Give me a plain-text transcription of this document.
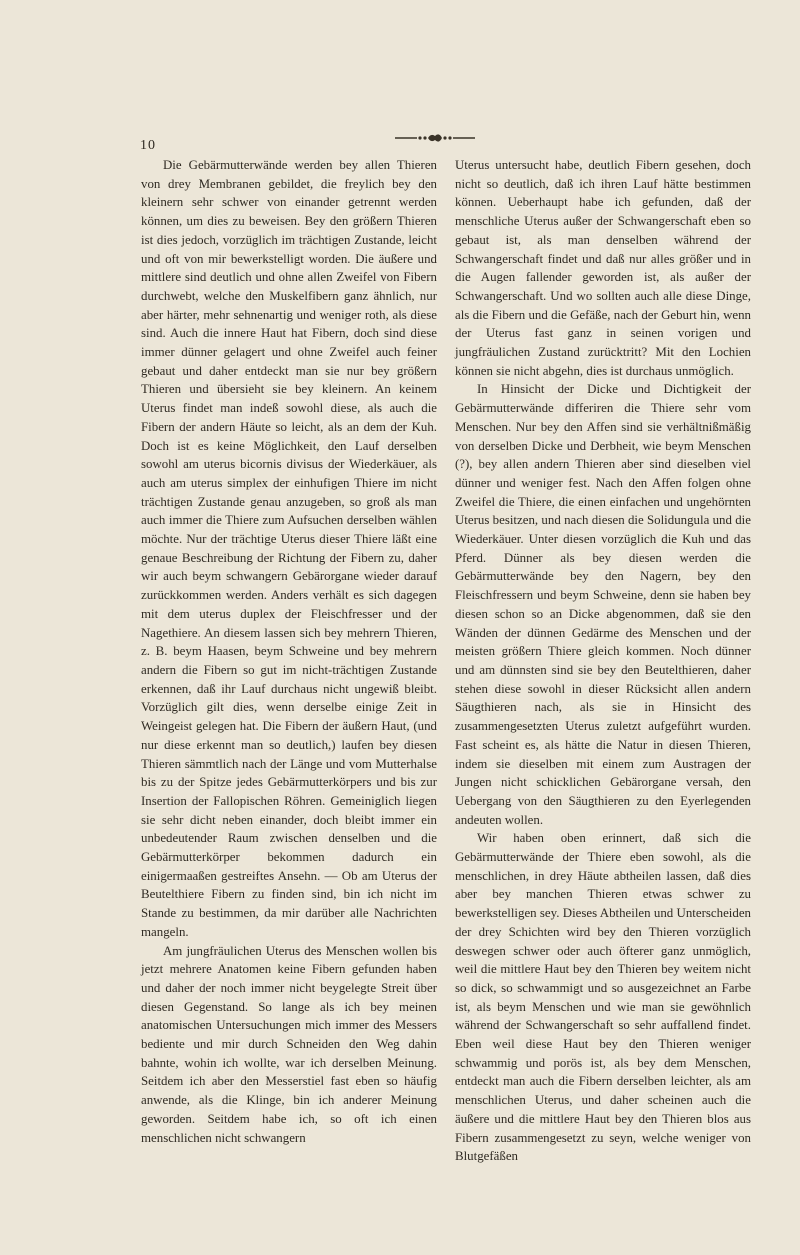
10

Die Gebärmutterwände werden bey allen Thieren von drey Membranen gebildet, die freylich bey den kleinern sehr schwer von einander getrennt werden können, um dies zu beweisen. Bey den größern Thieren ist dies jedoch, vorzüglich im trächtigen Zustande, leicht und oft von mir bewerkstelligt worden. Die äußere und mittlere sind deutlich und ohne allen Zweifel von Fibern durchwebt, welche den Muskelfibern ganz ähnlich, nur aber härter, mehr sehnenartig und weniger roth, als diese sind. Auch die innere Haut hat Fibern, doch sind diese immer dünner gelagert und ohne Zweifel auch feiner gebaut und daher entdeckt man sie nur bey größern Thieren und übersieht sie bey kleinern. An keinem Uterus findet man indeß sowohl diese, als auch die Fibern der andern Häute so leicht, als an dem der Kuh. Doch ist es keine Möglichkeit, den Lauf derselben sowohl am uterus bicornis divisus der Wiederkäuer, als auch am uterus simplex der einhufigen Thiere im nicht trächtigen Zustande genau anzugeben, so groß als man auch immer die Thiere zum Aufsuchen derselben wählen möchte. Nur der trächtige Uterus dieser Thiere läßt eine genaue Beschreibung der Richtung der Fibern zu, daher wir auch beym schwangern Gebärorgane wieder darauf zurückkommen werden. Anders verhält es sich dagegen mit dem uterus duplex der Fleischfresser und der Nagethiere. An diesem lassen sich bey mehrern Thieren, z. B. beym Haasen, beym Schweine und bey mehrern andern die Fibern so gut im nicht-trächtigen Zustande erkennen, daß ihr Lauf durchaus nicht ungewiß bleibt. Vorzüglich gilt dies, wenn derselbe einige Zeit in Weingeist gelegen hat. Die Fibern der äußern Haut, (und nur diese erkennt man so deutlich,) laufen bey diesen Thieren sämmtlich nach der Länge und vom Mutterhalse bis zu der Spitze jedes Gebärmutterkörpers und bis zur Insertion der Fallopischen Röhren. Gemeiniglich liegen sie sehr dicht neben einander, doch bleibt immer ein unbedeutender Raum zwischen denselben und die Gebärmutterkörper bekommen dadurch ein einigermaaßen gestreiftes Ansehn. — Ob am Uterus der Beutelthiere Fibern zu finden sind, bin ich nicht im Stande zu bestimmen, da mir darüber alle Nachrichten mangeln.

Am jungfräulichen Uterus des Menschen wollen bis jetzt mehrere Anatomen keine Fibern gefunden haben und daher der noch immer nicht beygelegte Streit über diesen Gegenstand. So lange als ich bey meinen anatomischen Untersuchungen mich immer des Messers bediente und mir durch Schneiden den Weg dahin bahnte, wohin ich wollte, war ich derselben Meinung. Seitdem ich aber den Messerstiel fast eben so häufig anwende, als die Klinge, bin ich anderer Meinung geworden. Seitdem habe ich, so oft ich einen menschlichen nicht schwangern

Uterus untersucht habe, deutlich Fibern gesehen, doch nicht so deutlich, daß ich ihren Lauf hätte bestimmen können. Ueberhaupt habe ich gefunden, daß der menschliche Uterus außer der Schwangerschaft eben so gebaut ist, als man denselben während der Schwangerschaft findet und daß nur alles größer und in die Augen fallender geworden ist, als außer der Schwangerschaft. Und wo sollten auch alle diese Dinge, als die Fibern und die Gefäße, nach der Geburt hin, wenn der Uterus fast ganz in seinen vorigen und jungfräulichen Zustand zurücktritt? Mit den Lochien können sie nicht abgehn, dies ist durchaus unmöglich.

In Hinsicht der Dicke und Dichtigkeit der Gebärmutterwände differiren die Thiere sehr vom Menschen. Nur bey den Affen sind sie verhältnißmäßig von derselben Dicke und Derbheit, wie beym Menschen (?), bey allen andern Thieren aber sind dieselben viel dünner und weniger fest. Nach den Affen folgen ohne Zweifel die Thiere, die einen einfachen und ungehörnten Uterus besitzen, und nach diesen die Solidungula und die Wiederkäuer. Unter diesen vorzüglich die Kuh und das Pferd. Dünner als bey diesen werden die Gebärmutterwände bey den Nagern, bey den Fleischfressern und beym Schweine, denn sie haben bey diesen schon so an Dicke abgenommen, daß sie den Wänden der dünnen Gedärme des Menschen und der meisten größern Thiere gleich kommen. Noch dünner und am dünnsten sind sie bey den Beutelthieren, daher stehen diese sowohl in dieser Rücksicht allen andern Säugthieren nach, als sie in Hinsicht des zusammengesetzten Uterus zuletzt aufgeführt wurden. Fast scheint es, als hätte die Natur in diesen Thieren, indem sie dieselben mit einem zum Austragen der Jungen nicht schicklichen Gebärorgane versah, den Uebergang von den Säugthieren zu den Eyerlegenden andeuten wollen.

Wir haben oben erinnert, daß sich die Gebärmutterwände der Thiere eben sowohl, als die menschlichen, in drey Häute abtheilen lassen, daß dies aber bey manchen Thieren etwas schwer zu bewerkstelligen sey. Dieses Abtheilen und Unterscheiden der drey Schichten wird bey den Thieren vorzüglich deswegen schwer oder auch öfterer ganz unmöglich, weil die mittlere Haut bey den Thieren bey weitem nicht so dick, so schwammigt und so ausgezeichnet an Farbe ist, als beym Menschen und wie man sie gewöhnlich während der Schwangerschaft so sehr auffallend findet. Eben weil diese Haut bey den Thieren weniger schwammig und porös ist, als bey dem Menschen, entdeckt man auch die Fibern derselben leichter, als am menschlichen Uterus, und daher scheinen auch die äußere und die mittlere Haut bey den Thieren blos aus Fibern zusammengesetzt zu seyn, welche weniger von Blutgefäßen
